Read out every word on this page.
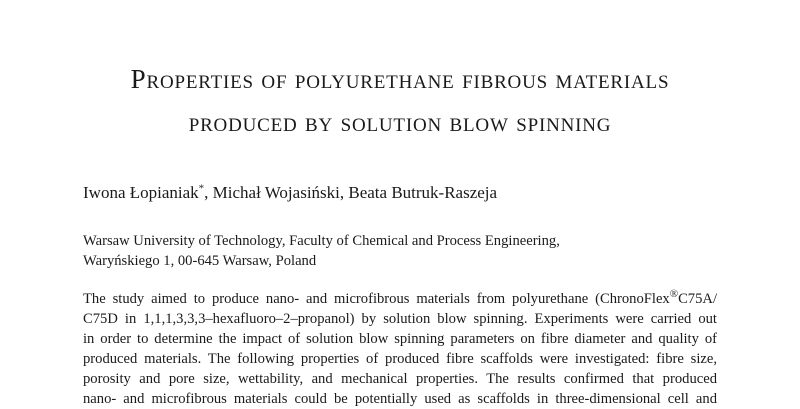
Properties of polyurethane fibrous materials
produced by solution blow spinning
Iwona Łopianiak*, Michał Wojasiński, Beata Butruk-Raszeja
Warsaw University of Technology, Faculty of Chemical and Process Engineering,
Waryńskiego 1, 00-645 Warsaw, Poland
The study aimed to produce nano- and microfibrous materials from polyurethane (ChronoFlex®C75A/
C75D in 1,1,1,3,3,3–hexafluoro–2–propanol) by solution blow spinning. Experiments were carried out
in order to determine the impact of solution blow spinning parameters on fibre diameter and quality of
produced materials. The following properties of produced fibre scaffolds were investigated: fibre size,
porosity and pore size, wettability, and mechanical properties. The results confirmed that produced
nano- and microfibrous materials could be potentially used as scaffolds in three-dimensional cell and
